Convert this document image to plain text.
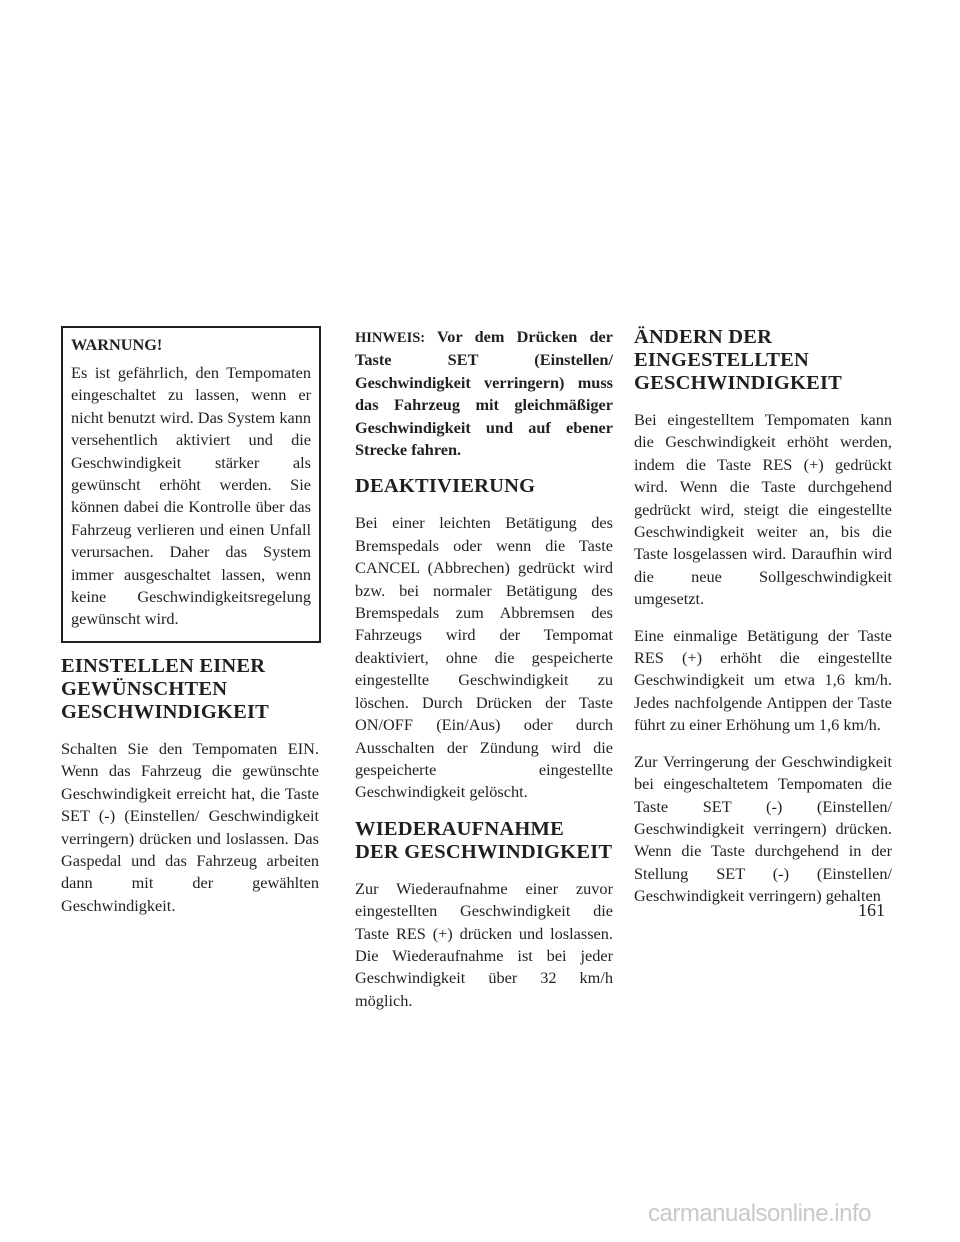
WARNUNG!

Es ist gefährlich, den Tempomaten eingeschaltet zu lassen, wenn er nicht benutzt wird. Das System kann versehentlich aktiviert und die Geschwindigkeit stärker als gewünscht erhöht werden. Sie können dabei die Kontrolle über das Fahrzeug verlieren und einen Unfall verursachen. Daher das System immer ausgeschaltet lassen, wenn keine Geschwindigkeitsregelung gewünscht wird.

EINSTELLEN EINER GEWÜNSCHTEN GESCHWINDIGKEIT

Schalten Sie den Tempomaten EIN. Wenn das Fahrzeug die gewünschte Geschwindigkeit erreicht hat, die Taste SET (-) (Einstellen/ Geschwindigkeit verringern) drücken und loslassen. Das Gaspedal und das Fahrzeug arbeiten dann mit der gewählten Geschwindigkeit.

HINWEIS: Vor dem Drücken der Taste SET (Einstellen/ Geschwindigkeit verringern) muss das Fahrzeug mit gleichmäßiger Geschwindigkeit und auf ebener Strecke fahren.

DEAKTIVIERUNG

Bei einer leichten Betätigung des Bremspedals oder wenn die Taste CANCEL (Abbrechen) gedrückt wird bzw. bei normaler Betätigung des Bremspedals zum Abbremsen des Fahrzeugs wird der Tempomat deaktiviert, ohne die gespeicherte eingestellte Geschwindigkeit zu löschen. Durch Drücken der Taste ON/OFF (Ein/Aus) oder durch Ausschalten der Zündung wird die gespeicherte eingestellte Geschwindigkeit gelöscht.

WIEDERAUFNAHME DER GESCHWINDIGKEIT

Zur Wiederaufnahme einer zuvor eingestellten Geschwindigkeit die Taste RES (+) drücken und loslassen. Die Wiederaufnahme ist bei jeder Geschwindigkeit über 32 km/h möglich.

ÄNDERN DER EINGESTELLTEN GESCHWINDIGKEIT

Bei eingestelltem Tempomaten kann die Geschwindigkeit erhöht werden, indem die Taste RES (+) gedrückt wird. Wenn die Taste durchgehend gedrückt wird, steigt die eingestellte Geschwindigkeit weiter an, bis die Taste losgelassen wird. Daraufhin wird die neue Sollgeschwindigkeit umgesetzt.

Eine einmalige Betätigung der Taste RES (+) erhöht die eingestellte Geschwindigkeit um etwa 1,6 km/h. Jedes nachfolgende Antippen der Taste führt zu einer Erhöhung um 1,6 km/h.

Zur Verringerung der Geschwindigkeit bei eingeschaltetem Tempomaten die Taste SET (-) (Einstellen/ Geschwindigkeit verringern) drücken. Wenn die Taste durchgehend in der Stellung SET (-) (Einstellen/ Geschwindigkeit verringern) gehalten

161
carmanualsonline.info
